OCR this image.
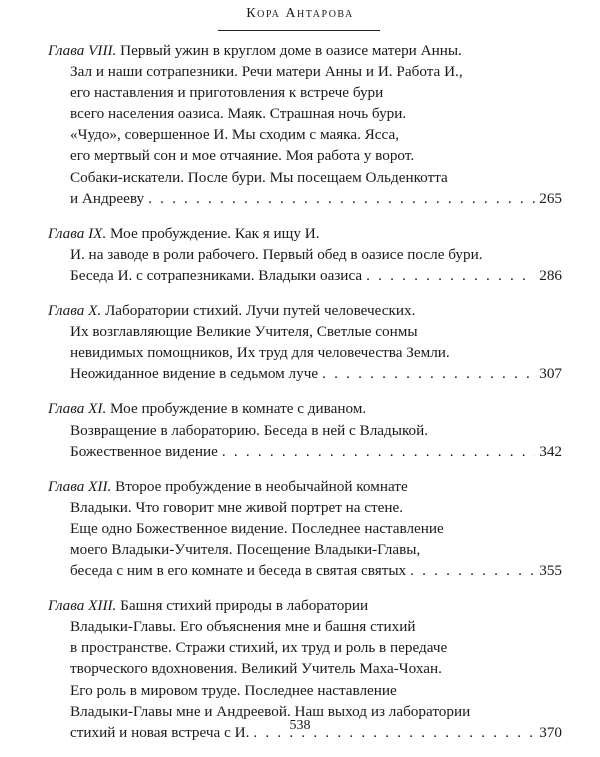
Кора Антарова
Глава VIII. Первый ужин в круглом доме в оазисе матери Анны.
Зал и наши сотрапезники. Речи матери Анны и И. Работа И.,
его наставления и приготовления к встрече бури
всего населения оазиса. Маяк. Страшная ночь бури.
«Чудо», совершенное И. Мы сходим с маяка. Ясса,
его мертвый сон и мое отчаяние. Моя работа у ворот.
Собаки-искатели. После бури. Мы посещаем Ольденкотта
и Андрееву . . .	265
Глава IX. Мое пробуждение. Как я ищу И.
И. на заводе в роли рабочего. Первый обед в оазисе после бури.
Беседа И. с сотрапезниками. Владыки оазиса . . .	286
Глава X. Лаборатории стихий. Лучи путей человеческих.
Их возглавляющие Великие Учителя, Светлые сонмы
невидимых помощников, Их труд для человечества Земли.
Неожиданное видение в седьмом луче . . .	307
Глава XI. Мое пробуждение в комнате с диваном.
Возвращение в лабораторию. Беседа в ней с Владыкой.
Божественное видение . . .	342
Глава XII. Второе пробуждение в необычайной комнате
Владыки. Что говорит мне живой портрет на стене.
Еще одно Божественное видение. Последнее наставление
моего Владыки-Учителя. Посещение Владыки-Главы,
беседа с ним в его комнате и беседа в святая святых . . .	355
Глава XIII. Башня стихий природы в лаборатории
Владыки-Главы. Его объяснения мне и башня стихий
в пространстве. Стражи стихий, их труд и роль в передаче
творческого вдохновения. Великий Учитель Маха-Чохан.
Его роль в мировом труде. Последнее наставление
Владыки-Главы мне и Андреевой. Наш выход из лаборатории
стихий и новая встреча с И. . . .	370
538
